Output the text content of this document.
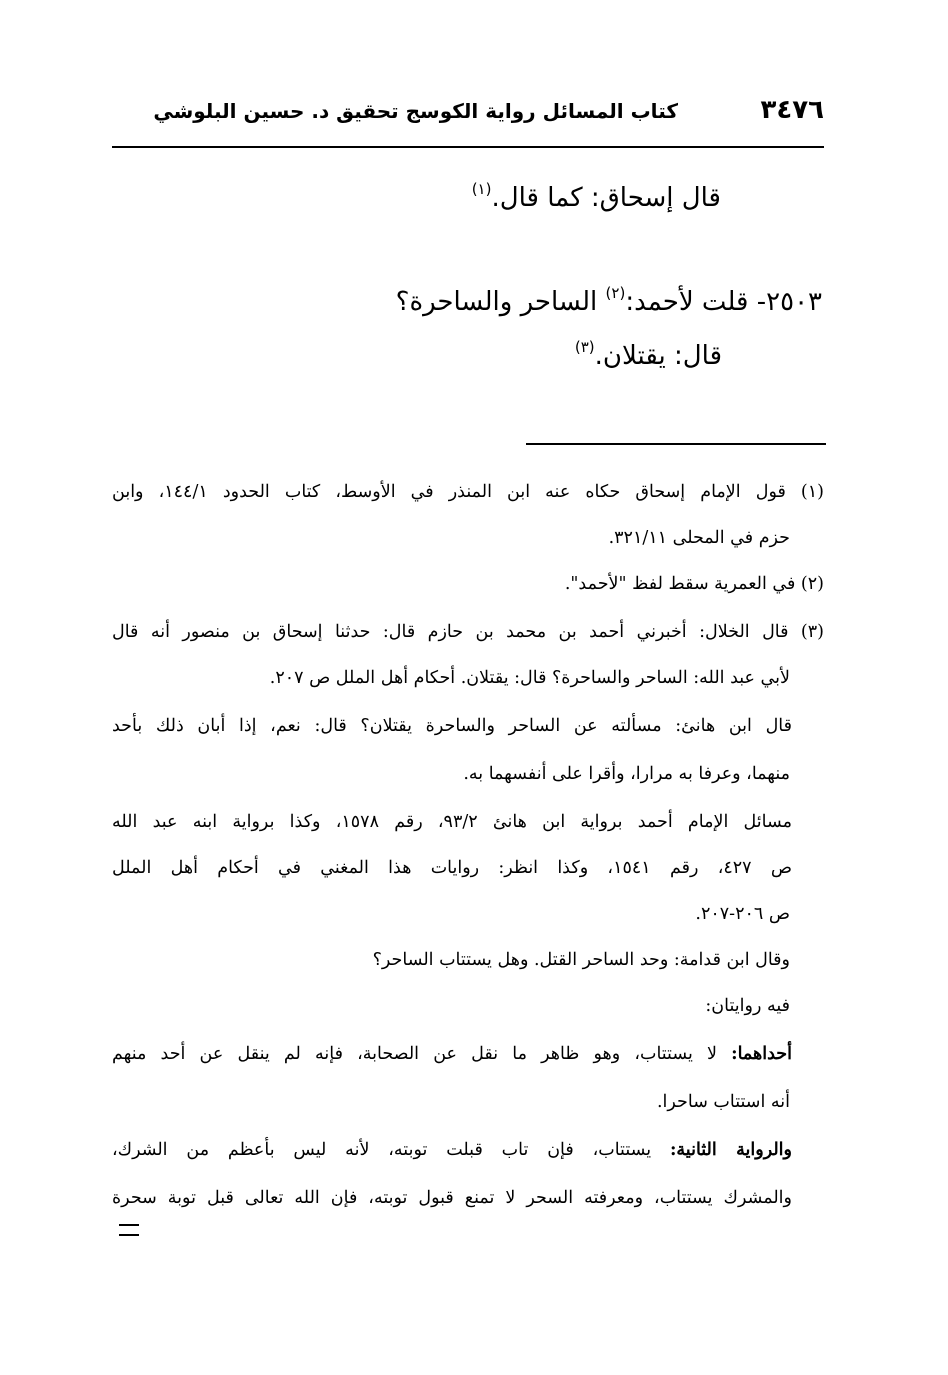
٣٤٧٦
كتاب المسائل رواية الكوسج تحقيق د. حسين البلوشي
قال إسحاق: كما قال.$^{(١)}$
٢٥٠٣- قلت لأحمد:$^{(٢)}$ الساحر والساحرة؟
قال: يقتلان.$^{(٣)}$
(١) قول الإمام إسحاق حكاه عنه ابن المنذر في الأوسط، كتاب الحدود ١٤٤/١، وابن
حزم في المحلى ٣٢١/١١.
(٢) في العمرية سقط لفظ "لأحمد".
(٣) قال الخلال: أخبرني أحمد بن محمد بن حازم قال: حدثنا إسحاق بن منصور أنه قال
لأبي عبد الله: الساحر والساحرة؟ قال: يقتلان. أحكام أهل الملل ص ٢٠٧.
قال ابن هانئ: مسألته عن الساحر والساحرة يقتلان؟ قال: نعم، إذا أبان ذلك بأحد
منهما، وعرفا به مرارا، وأقرا على أنفسهما به.
مسائل الإمام أحمد برواية ابن هانئ ٩٣/٢، رقم ١٥٧٨، وكذا برواية ابنه عبد الله
ص ٤٢٧، رقم ١٥٤١، وكذا انظر: روايات هذا المغني في أحكام أهل الملل
ص ٢٠٦-٢٠٧.
وقال ابن قدامة: وحد الساحر القتل. وهل يستتاب الساحر؟
فيه روايتان:
أحداهما: لا يستتاب، وهو ظاهر ما نقل عن الصحابة، فإنه لم ينقل عن أحد منهم
أنه استتاب ساحرا.
والرواية الثانية: يستتاب، فإن تاب قبلت توبته، لأنه ليس بأعظم من الشرك،
والمشرك يستتاب، ومعرفته السحر لا تمنع قبول توبته، فإن الله تعالى قبل توبة سحرة
